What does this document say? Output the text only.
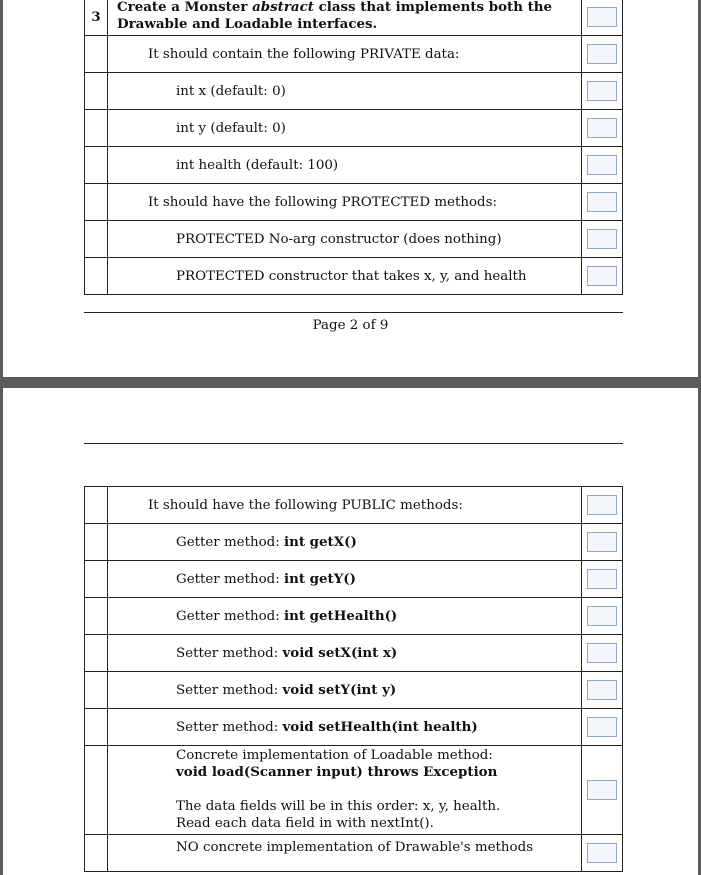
3	Create a Monster abstract class that implements both the Drawable and Loadable interfaces.	

	It should contain the following PRIVATE data:	

	int x (default: 0)	

	int y (default: 0)	

	int health (default: 100)	

	It should have the following PROTECTED methods:	

	PROTECTED No-arg constructor (does nothing)	

	PROTECTED constructor that takes x, y, and health	
Page 2 of 9
	It should have the following PUBLIC methods:	

	Getter method: int getX()	

	Getter method: int getY()	

	Getter method: int getHealth()	

	Setter method: void setX(int x)	

	Setter method: void setY(int y)	

	Setter method: void setHealth(int health)	

	Concrete implementation of Loadable method: void load(Scanner input) throws Exception
The data fields will be in this order: x, y, health. Read each data field in with nextInt().	

	NO concrete implementation of Drawable's methods	
